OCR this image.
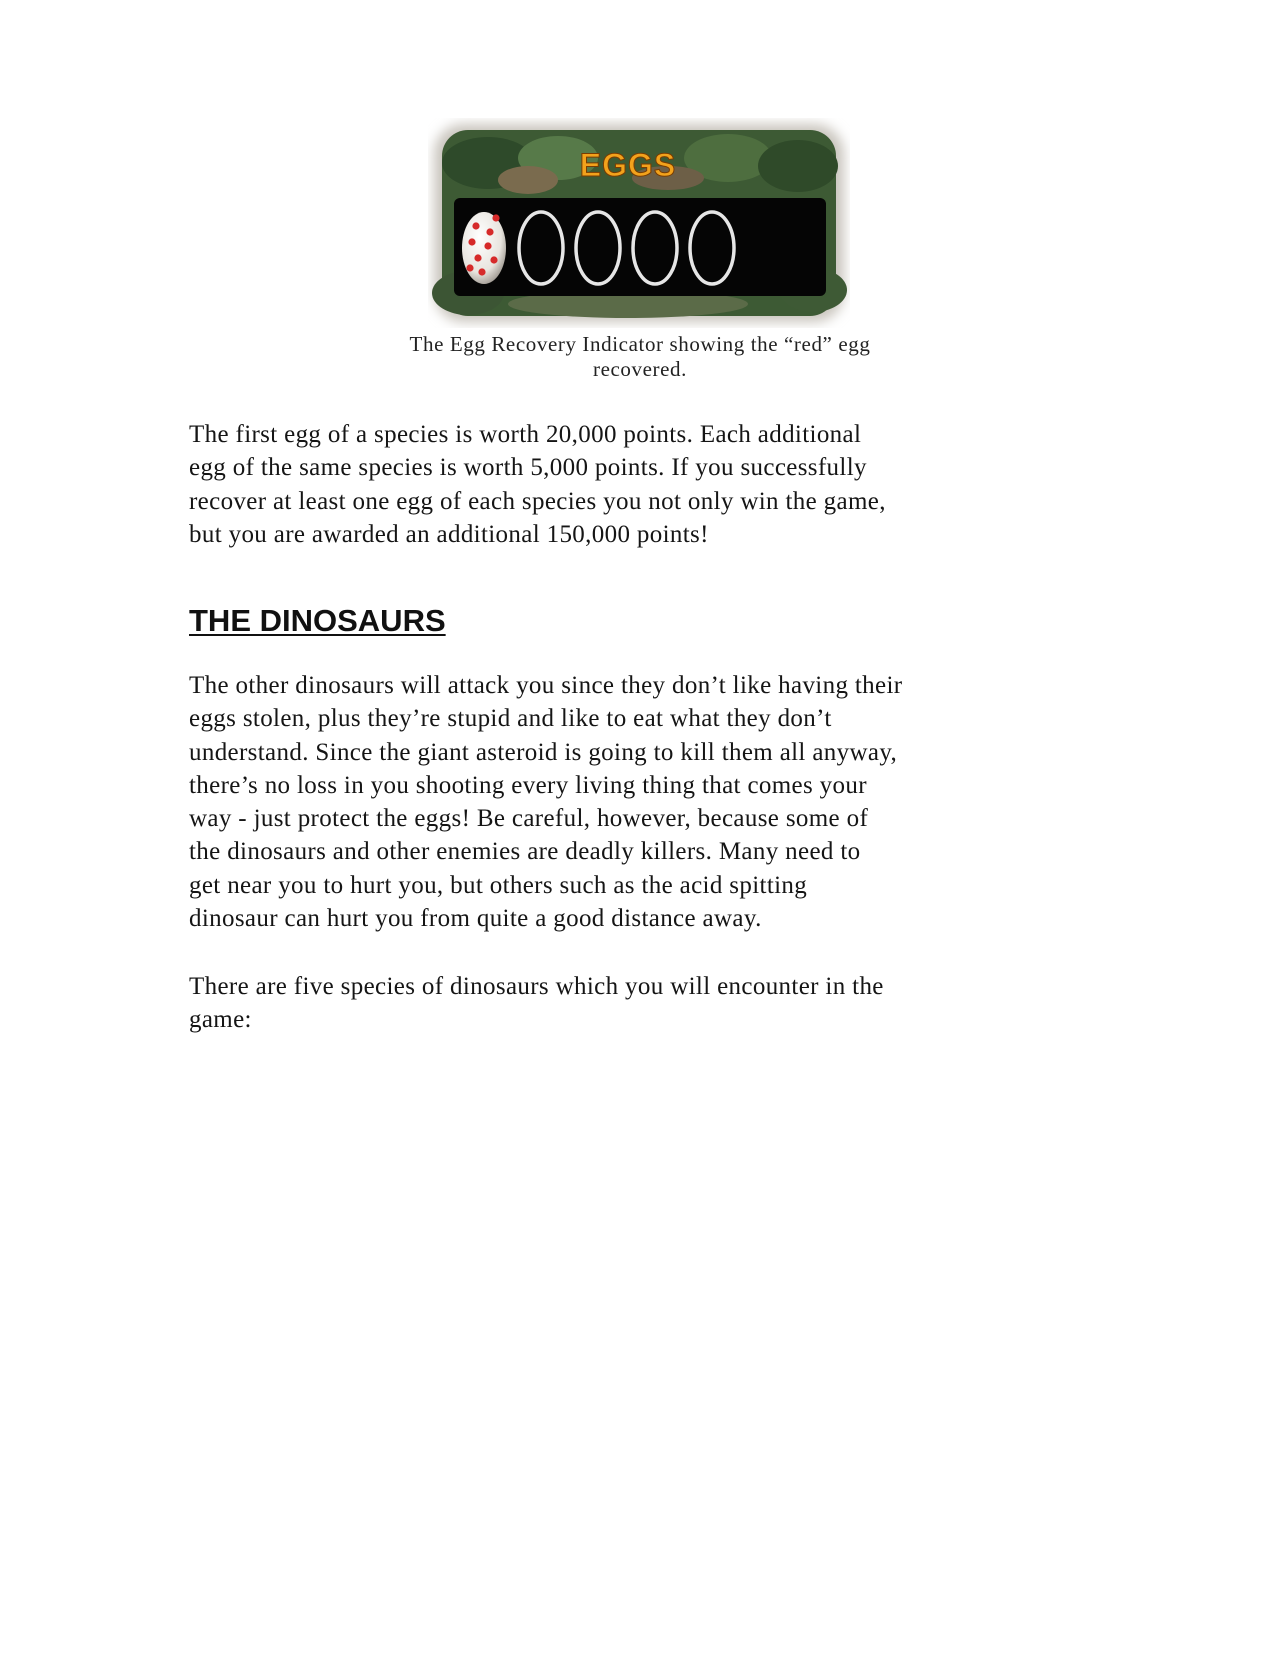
EGGS
The Egg Recovery Indicator showing the “red” egg
recovered.
The first egg of a species is worth 20,000 points. Each additional
egg of the same species is worth 5,000 points. If you successfully
recover at least one egg of each species you not only win the game,
but you are awarded an additional 150,000 points!
THE DINOSAURS
The other dinosaurs will attack you since they don’t like having their
eggs stolen, plus they’re stupid and like to eat what they don’t
understand. Since the giant asteroid is going to kill them all anyway,
there’s no loss in you shooting every living thing that comes your
way - just protect the eggs! Be careful, however, because some of
the dinosaurs and other enemies are deadly killers. Many need to
get near you to hurt you, but others such as the acid spitting
dinosaur can hurt you from quite a good distance away.
There are five species of dinosaurs which you will encounter in the
game:
